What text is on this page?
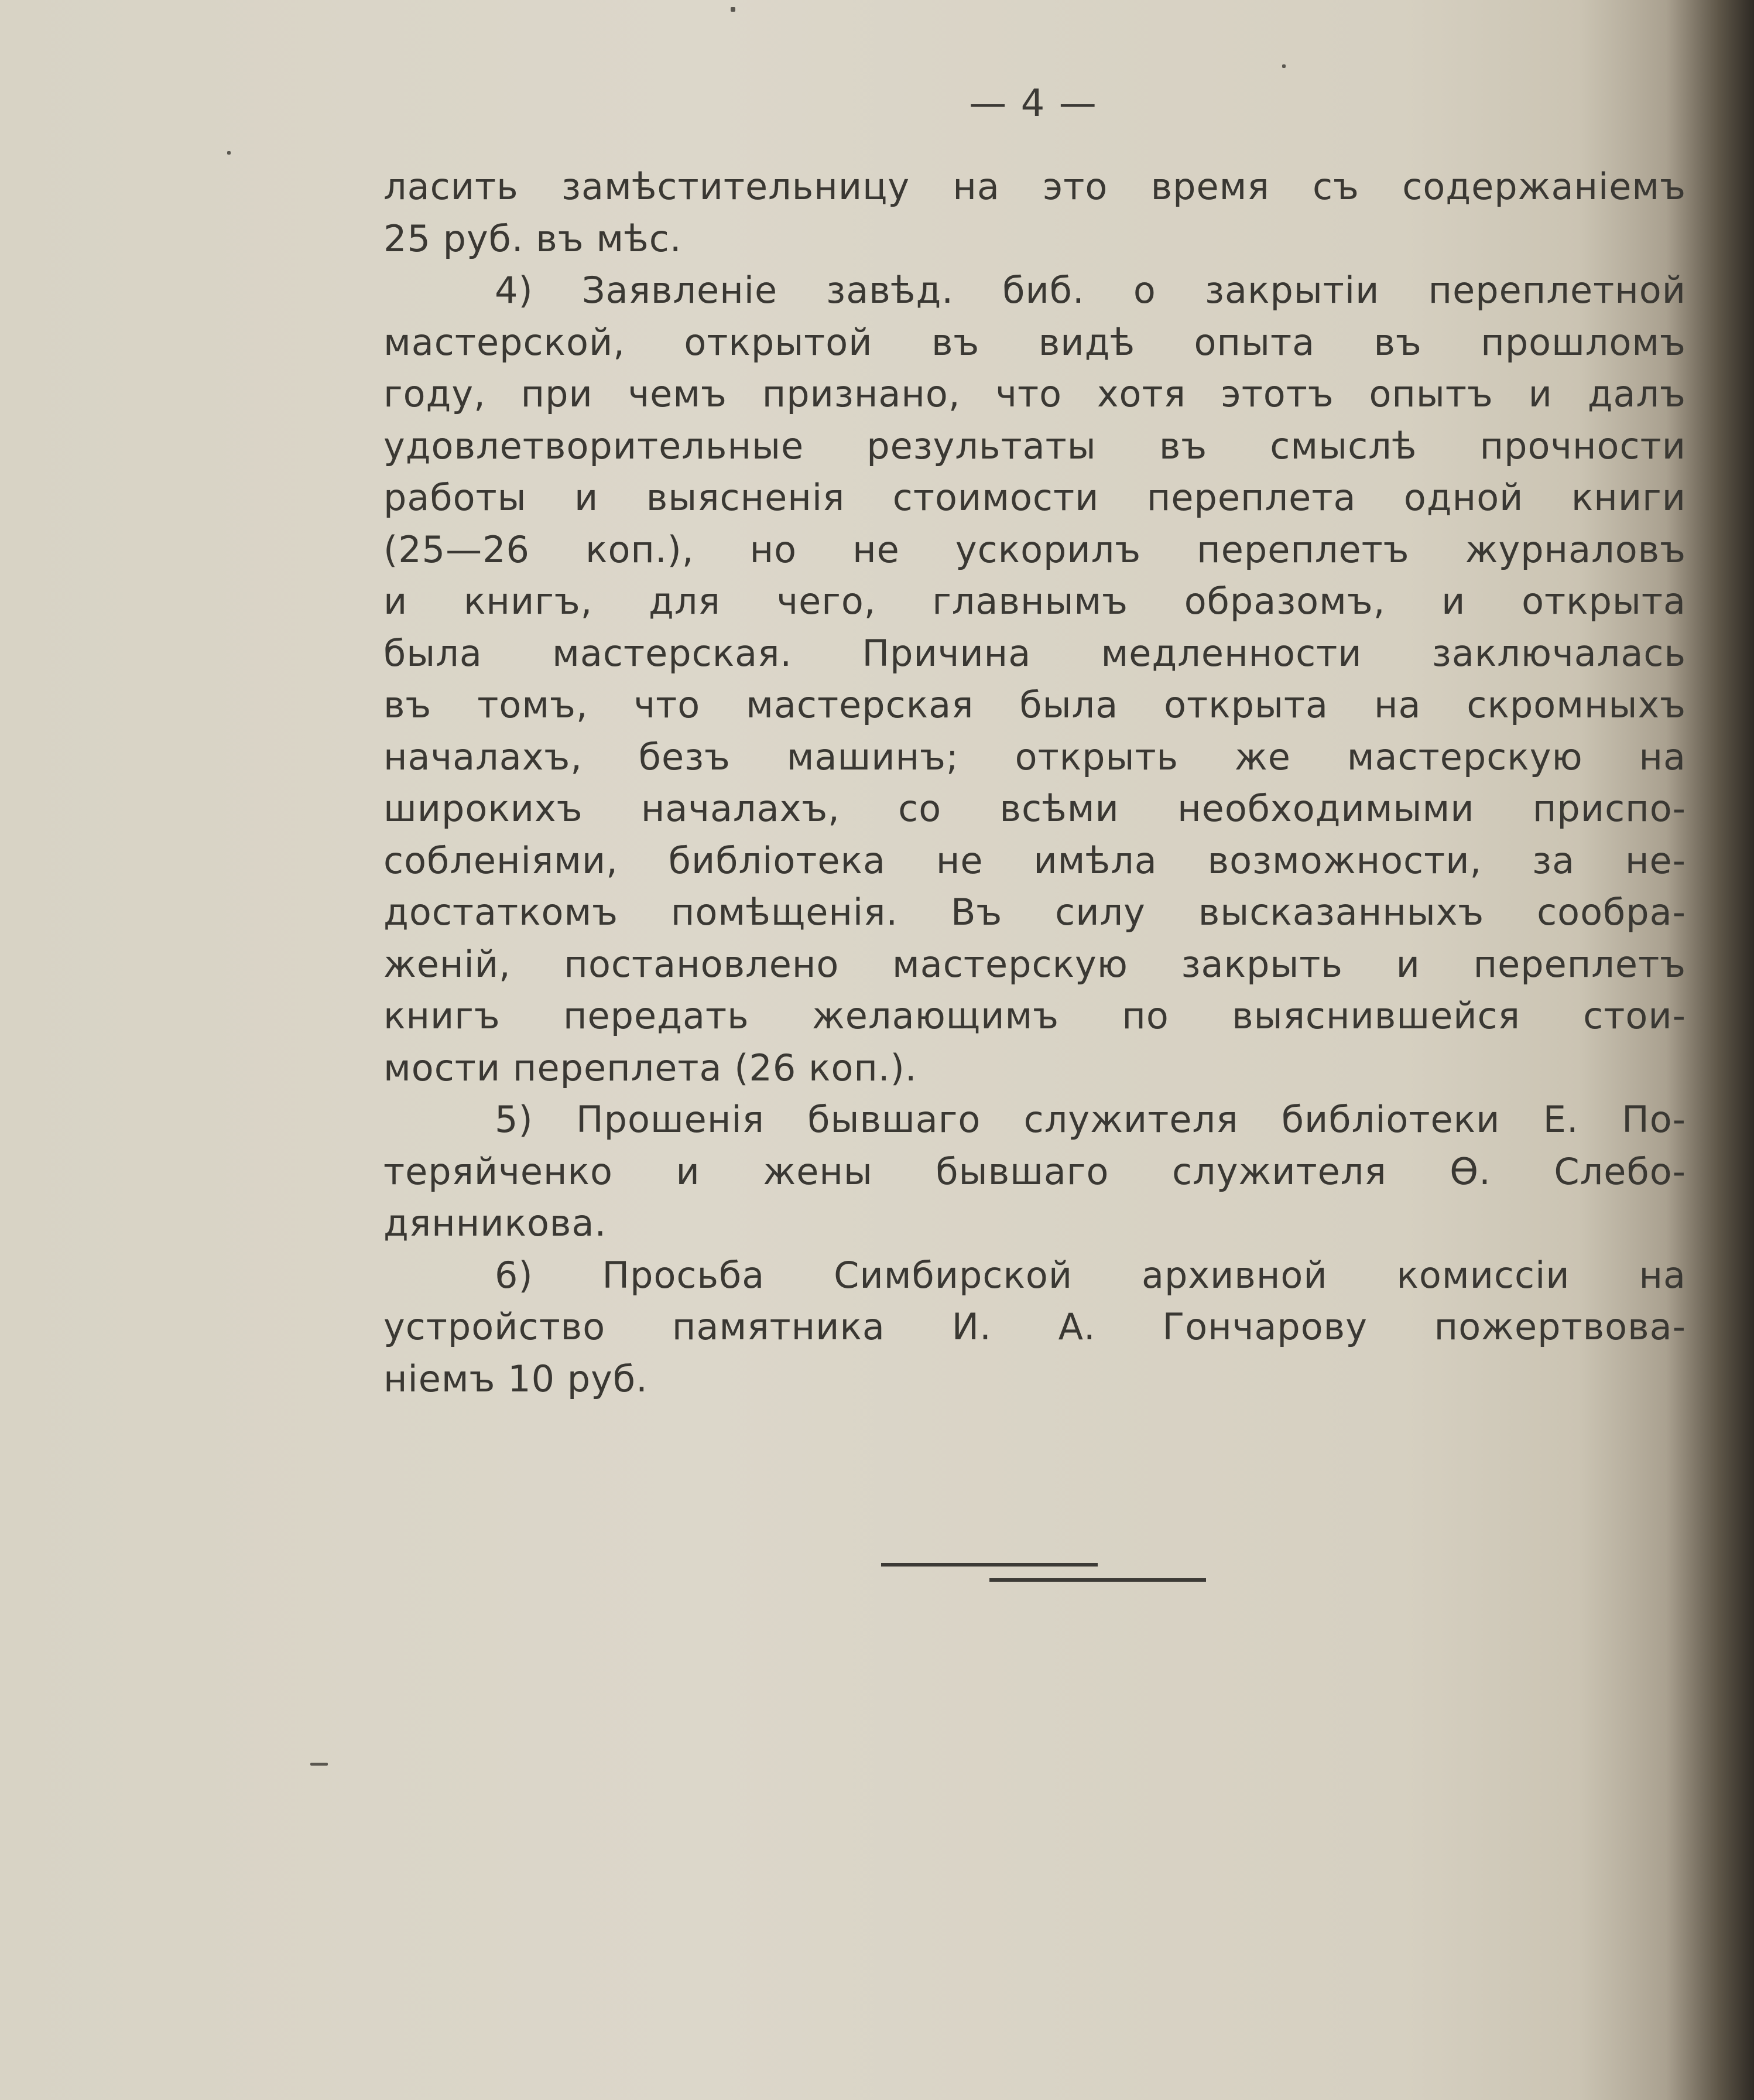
— 4 —

ласить замѣстительницу на это время съ содержанiемъ

25 руб. въ мѣс.

4) Заявленiе завѣд. биб. о закрытiи переплетной

мастерской, открытой въ видѣ опыта въ прошломъ

году, при чемъ признано, что хотя этотъ опытъ и далъ

удовлетворительные результаты въ смыслѣ прочности

работы и выясненiя стоимости переплета одной книги

(25—26 коп.), но не ускорилъ переплетъ журналовъ

и книгъ, для чего, главнымъ образомъ, и открыта

была мастерская. Причина медленности заключалась

въ томъ, что мастерская была открыта на скромныхъ

началахъ, безъ машинъ; открыть же мастерскую на

широкихъ началахъ, со всѣми необходимыми приспо-

собленiями, библiотека не имѣла возможности, за не-

достаткомъ помѣщенiя. Въ силу высказанныхъ сообра-

женiй, постановлено мастерскую закрыть и переплетъ

книгъ передать желающимъ по выяснившейся стои-

мости переплета (26 коп.).

5) Прошенiя бывшаго служителя библiотеки Е. По-

теряйченко и жены бывшаго служителя Ѳ. Слебо-

дянникова.

6) Просьба Симбирской архивной комиссiи на

устройство памятника И. А. Гончарову пожертвова-

нiемъ 10 руб.
